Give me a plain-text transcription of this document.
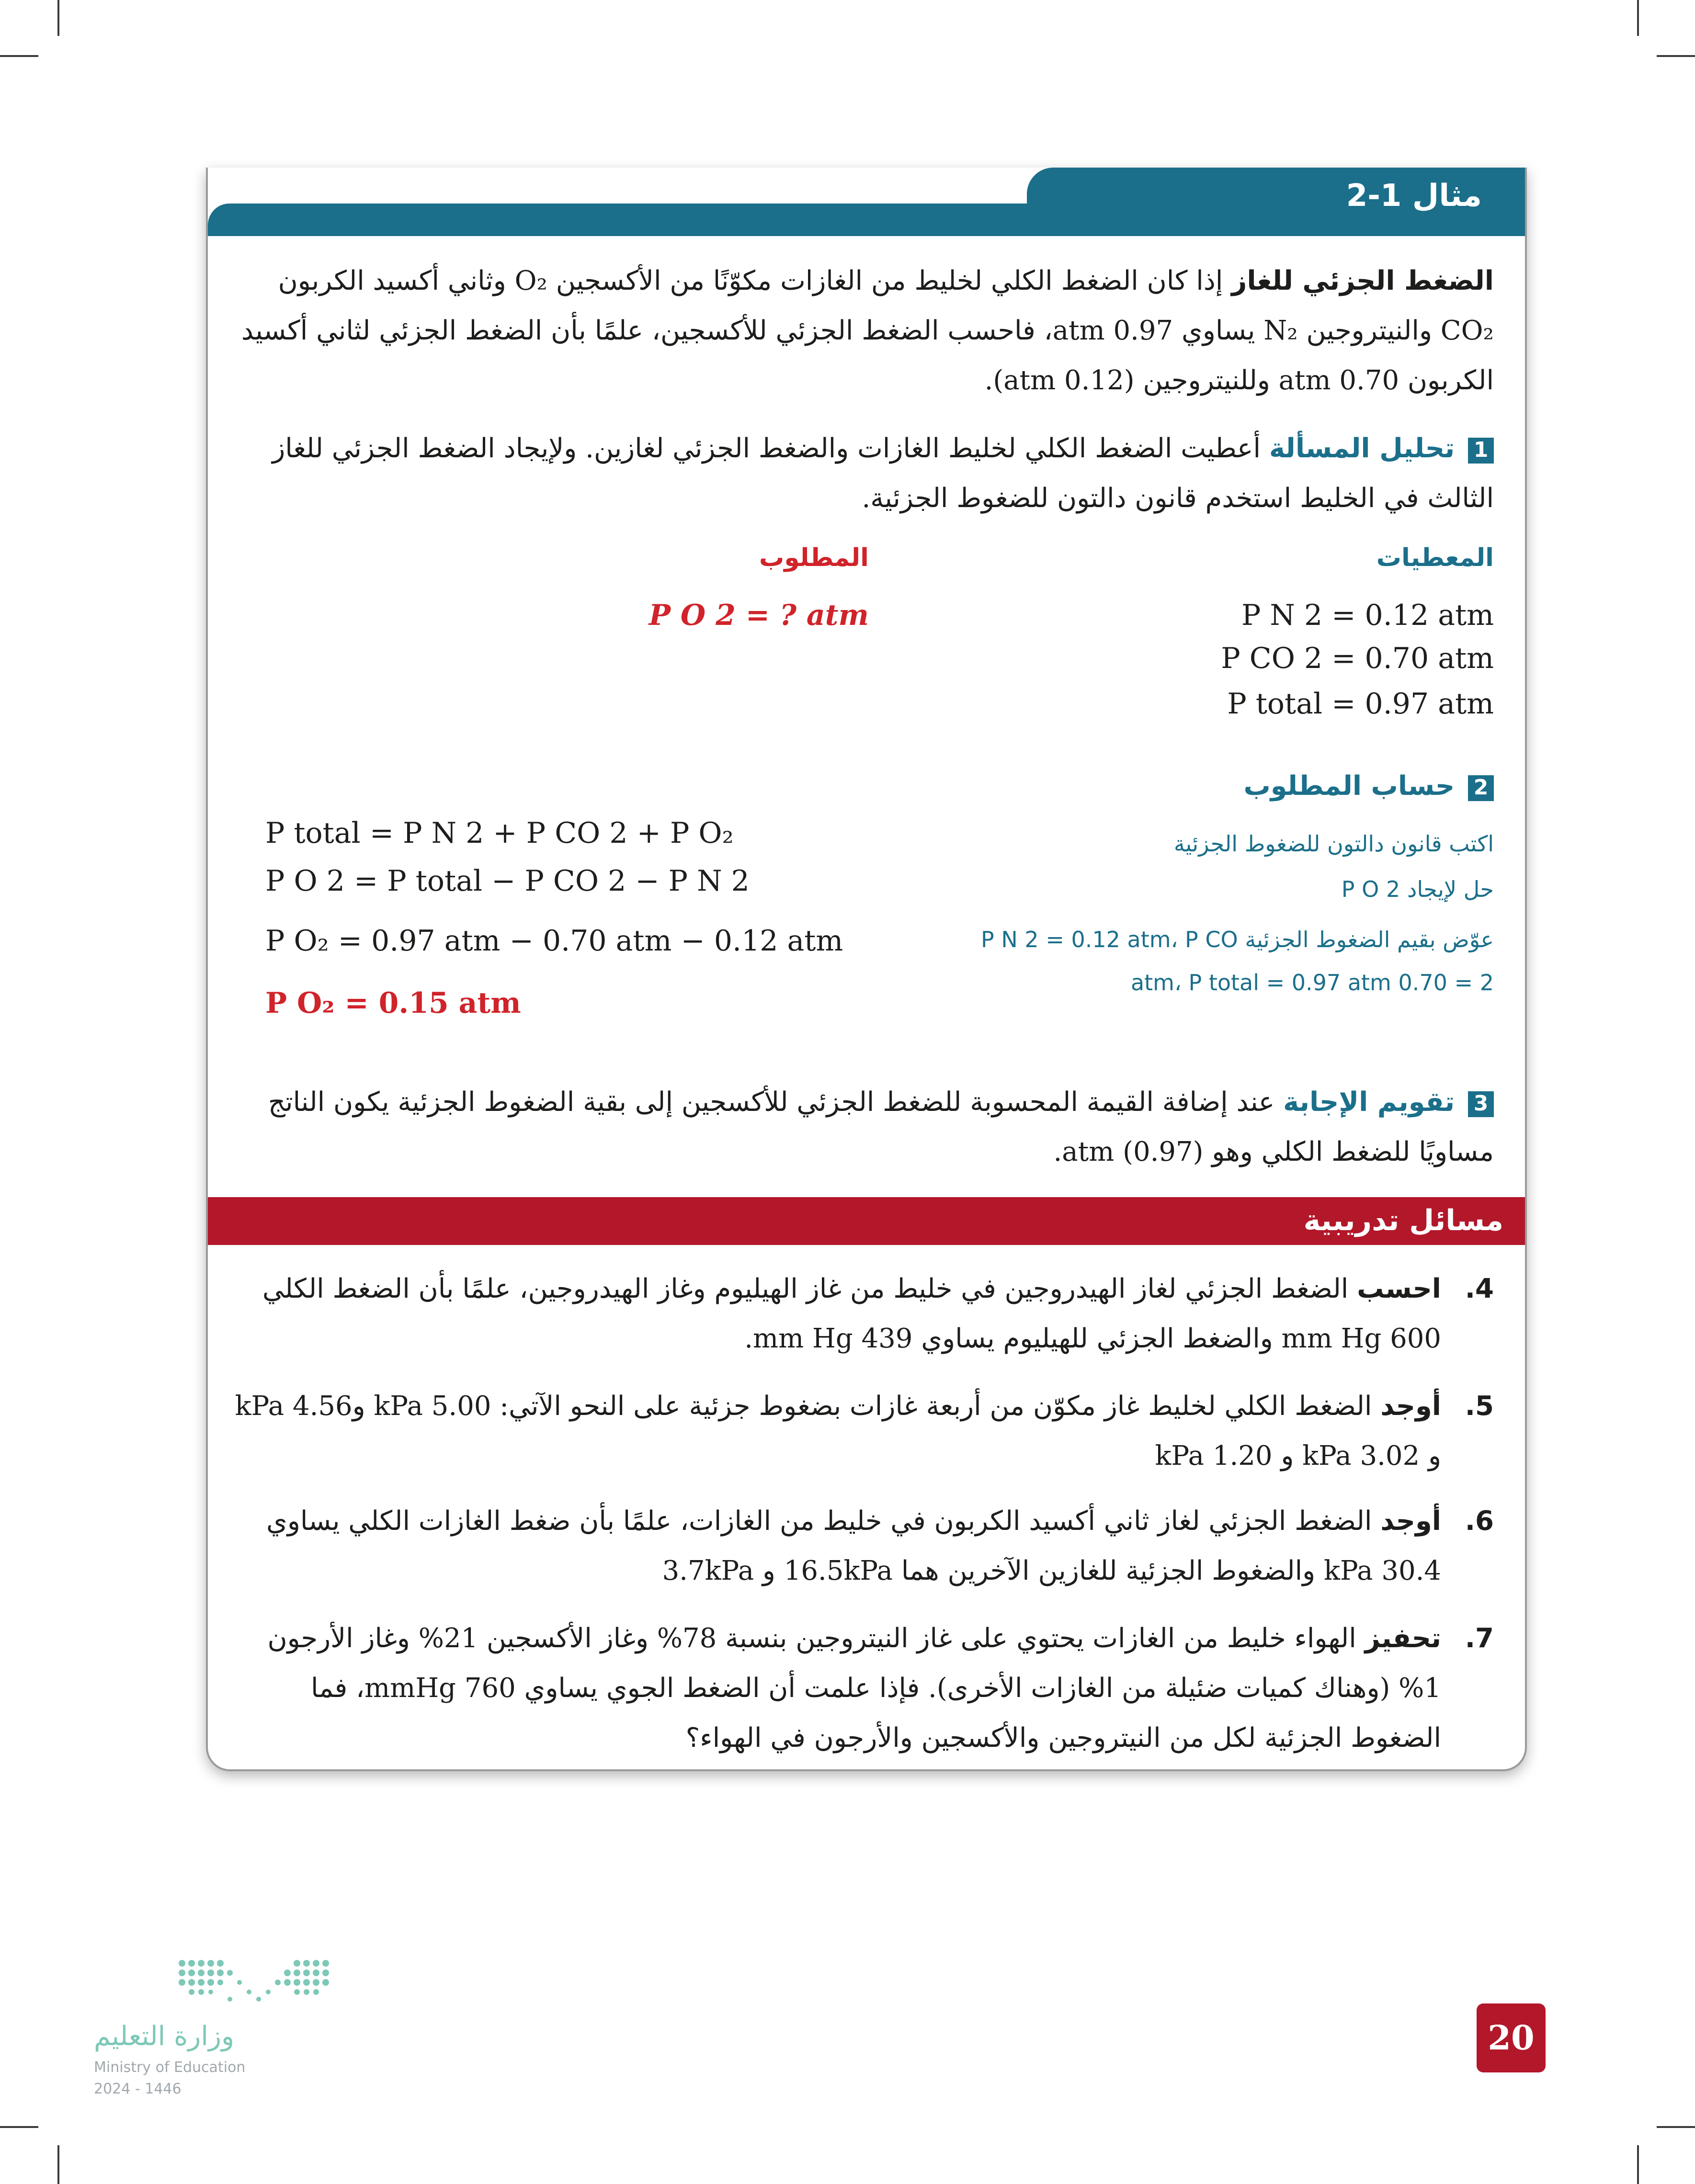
مثال 1-2
الضغط الجزئي للغاز إذا كان الضغط الكلي لخليط من الغازات مكوّنًا من الأكسجين O₂ وثاني أكسيد الكربون CO₂ والنيتروجين N₂ يساوي 0.97 atm، فاحسب الضغط الجزئي للأكسجين، علمًا بأن الضغط الجزئي لثاني أكسيد الكربون 0.70 atm وللنيتروجين (0.12 atm).
1 تحليل المسألة أعطيت الضغط الكلي لخليط الغازات والضغط الجزئي لغازين. ولإيجاد الضغط الجزئي للغاز الثالث في الخليط استخدم قانون دالتون للضغوط الجزئية.
المعطيات
P N 2 = 0.12 atm
P CO 2 = 0.70 atm
P total = 0.97 atm
المطلوب
P O 2 = ? atm
2 حساب المطلوب
اكتب قانون دالتون للضغوط الجزئية
حل لإيجاد P O 2
عوّض بقيم الضغوط الجزئية P N 2 = 0.12 atm، P CO
2 = 0.70 atm، P total = 0.97 atm
P total = P N 2 + P CO 2 + P O₂
P O 2 = P total − P CO 2 − P N 2
P O₂ = 0.97 atm − 0.70 atm − 0.12 atm
P O₂ = 0.15 atm
3 تقويم الإجابة عند إضافة القيمة المحسوبة للضغط الجزئي للأكسجين إلى بقية الضغوط الجزئية يكون الناتج مساويًا للضغط الكلي وهو (0.97) atm.
مسائل تدريبية
4.
احسب الضغط الجزئي لغاز الهيدروجين في خليط من غاز الهيليوم وغاز الهيدروجين، علمًا بأن الضغط الكلي 600 mm Hg والضغط الجزئي للهيليوم يساوي 439 mm Hg.
5.
أوجد الضغط الكلي لخليط غاز مكوّن من أربعة غازات بضغوط جزئية على النحو الآتي: 5.00 kPa و4.56 kPa و 3.02 kPa و 1.20 kPa
6.
أوجد الضغط الجزئي لغاز ثاني أكسيد الكربون في خليط من الغازات، علمًا بأن ضغط الغازات الكلي يساوي 30.4 kPa والضغوط الجزئية للغازين الآخرين هما 16.5kPa و 3.7kPa
7.
تحفيز الهواء خليط من الغازات يحتوي على غاز النيتروجين بنسبة 78% وغاز الأكسجين 21% وغاز الأرجون 1% (وهناك كميات ضئيلة من الغازات الأخرى). فإذا علمت أن الضغط الجوي يساوي 760 mmHg، فما الضغوط الجزئية لكل من النيتروجين والأكسجين والأرجون في الهواء؟
وزارة التعليم
Ministry of Education
2024 - 1446
20
